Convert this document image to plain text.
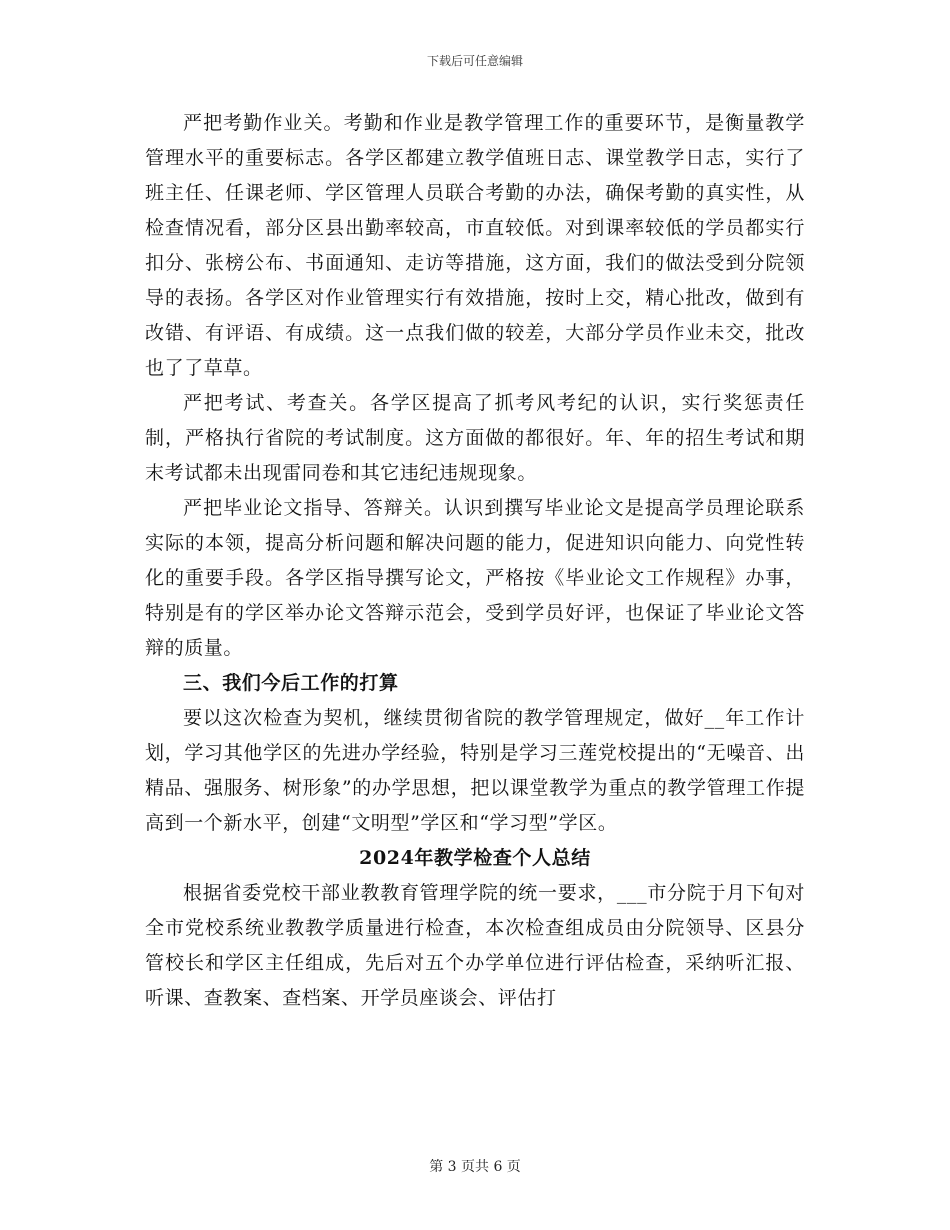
下载后可任意编辑

严把考勤作业关。考勤和作业是教学管理工作的重要环节，是衡量教学管理水平的重要标志。各学区都建立教学值班日志、课堂教学日志，实行了班主任、任课老师、学区管理人员联合考勤的办法，确保考勤的真实性，从检查情况看，部分区县出勤率较高，市直较低。对到课率较低的学员都实行扣分、张榜公布、书面通知、走访等措施，这方面，我们的做法受到分院领导的表扬。各学区对作业管理实行有效措施，按时上交，精心批改，做到有改错、有评语、有成绩。这一点我们做的较差，大部分学员作业未交，批改也了了草草。

严把考试、考查关。各学区提高了抓考风考纪的认识，实行奖惩责任制，严格执行省院的考试制度。这方面做的都很好。年、年的招生考试和期末考试都未出现雷同卷和其它违纪违规现象。

严把毕业论文指导、答辩关。认识到撰写毕业论文是提高学员理论联系实际的本领，提高分析问题和解决问题的能力，促进知识向能力、向党性转化的重要手段。各学区指导撰写论文，严格按《毕业论文工作规程》办事，特别是有的学区举办论文答辩示范会，受到学员好评，也保证了毕业论文答辩的质量。

三、我们今后工作的打算

要以这次检查为契机，继续贯彻省院的教学管理规定，做好__年工作计划，学习其他学区的先进办学经验，特别是学习三莲党校提出的“无噪音、出精品、强服务、树形象”的办学思想，把以课堂教学为重点的教学管理工作提高到一个新水平，创建“文明型”学区和“学习型”学区。

2024年教学检查个人总结

根据省委党校干部业教教育管理学院的统一要求，___市分院于月下旬对全市党校系统业教教学质量进行检查，本次检查组成员由分院领导、区县分管校长和学区主任组成，先后对五个办学单位进行评估检查，采纳听汇报、听课、查教案、查档案、开学员座谈会、评估打

第 3 页共 6 页
